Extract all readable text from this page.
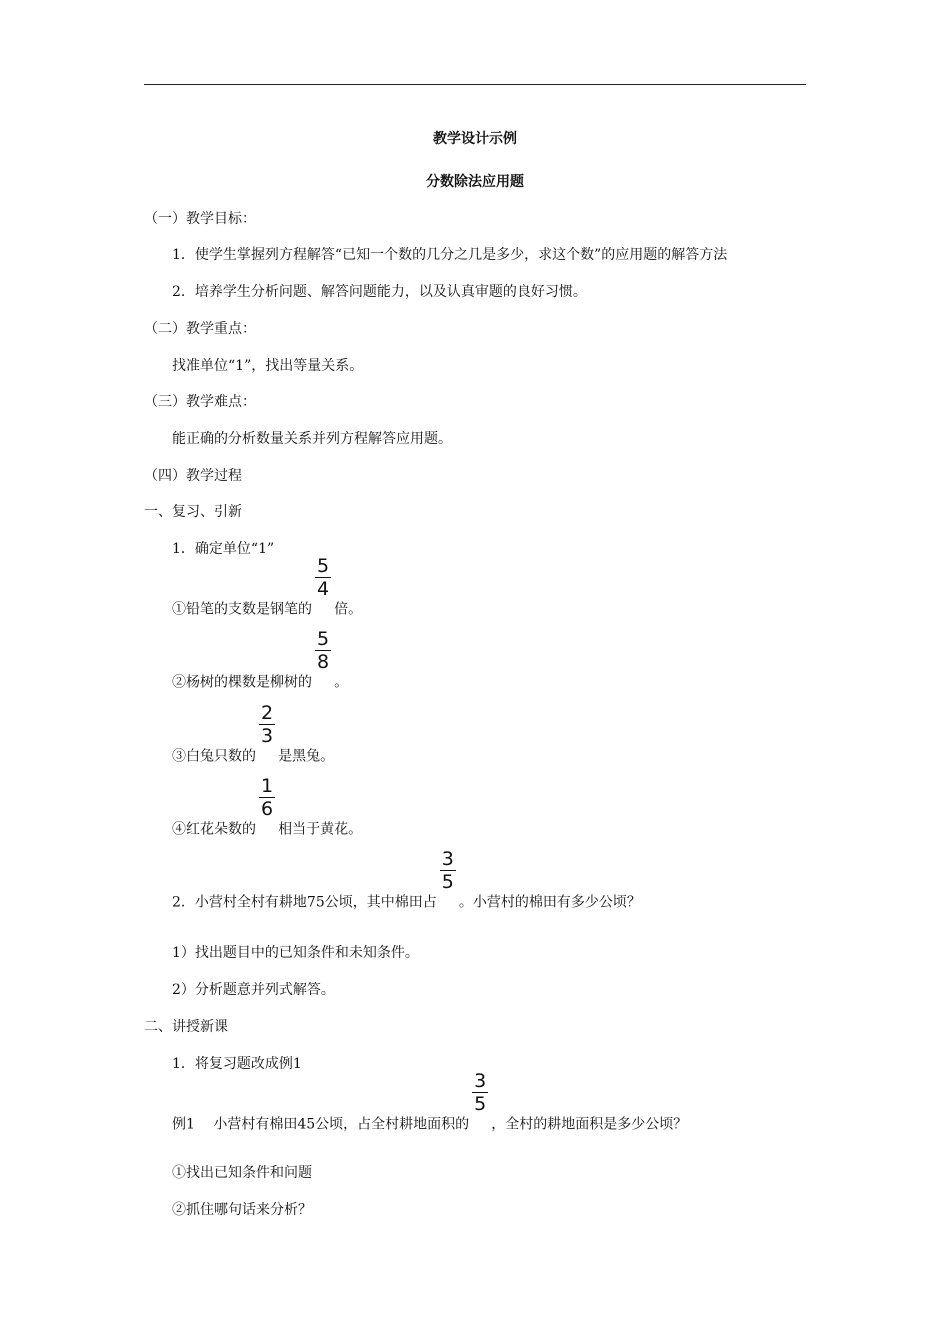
教学设计示例
分数除法应用题
（一）教学目标：
1．使学生掌握列方程解答“已知一个数的几分之几是多少，求这个数”的应用题的解答方法
2．培养学生分析问题、解答问题能力，以及认真审题的良好习惯。
（二）教学重点：
找准单位“1”，找出等量关系。
（三）教学难点：
能正确的分析数量关系并列方程解答应用题。
（四）教学过程
一、复习、引新
1．确定单位“1”
①铅笔的支数是钢笔的
$\frac{5}{4}$
倍。
②杨树的棵数是柳树的
$\frac{5}{8}$
。
③白兔只数的
$\frac{2}{3}$
是黑兔。
④红花朵数的
$\frac{1}{6}$
相当于黄花。
2．小营村全村有耕地75公顷，其中棉田占
$\frac{3}{5}$
。小营村的棉田有多少公顷？
1）找出题目中的已知条件和未知条件。
2）分析题意并列式解答。
二、讲授新课
1．将复习题改成例1
例1　 小营村有棉田45公顷，占全村耕地面积的
$\frac{3}{5}$
，全村的耕地面积是多少公顷？
①找出已知条件和问题
②抓住哪句话来分析？
